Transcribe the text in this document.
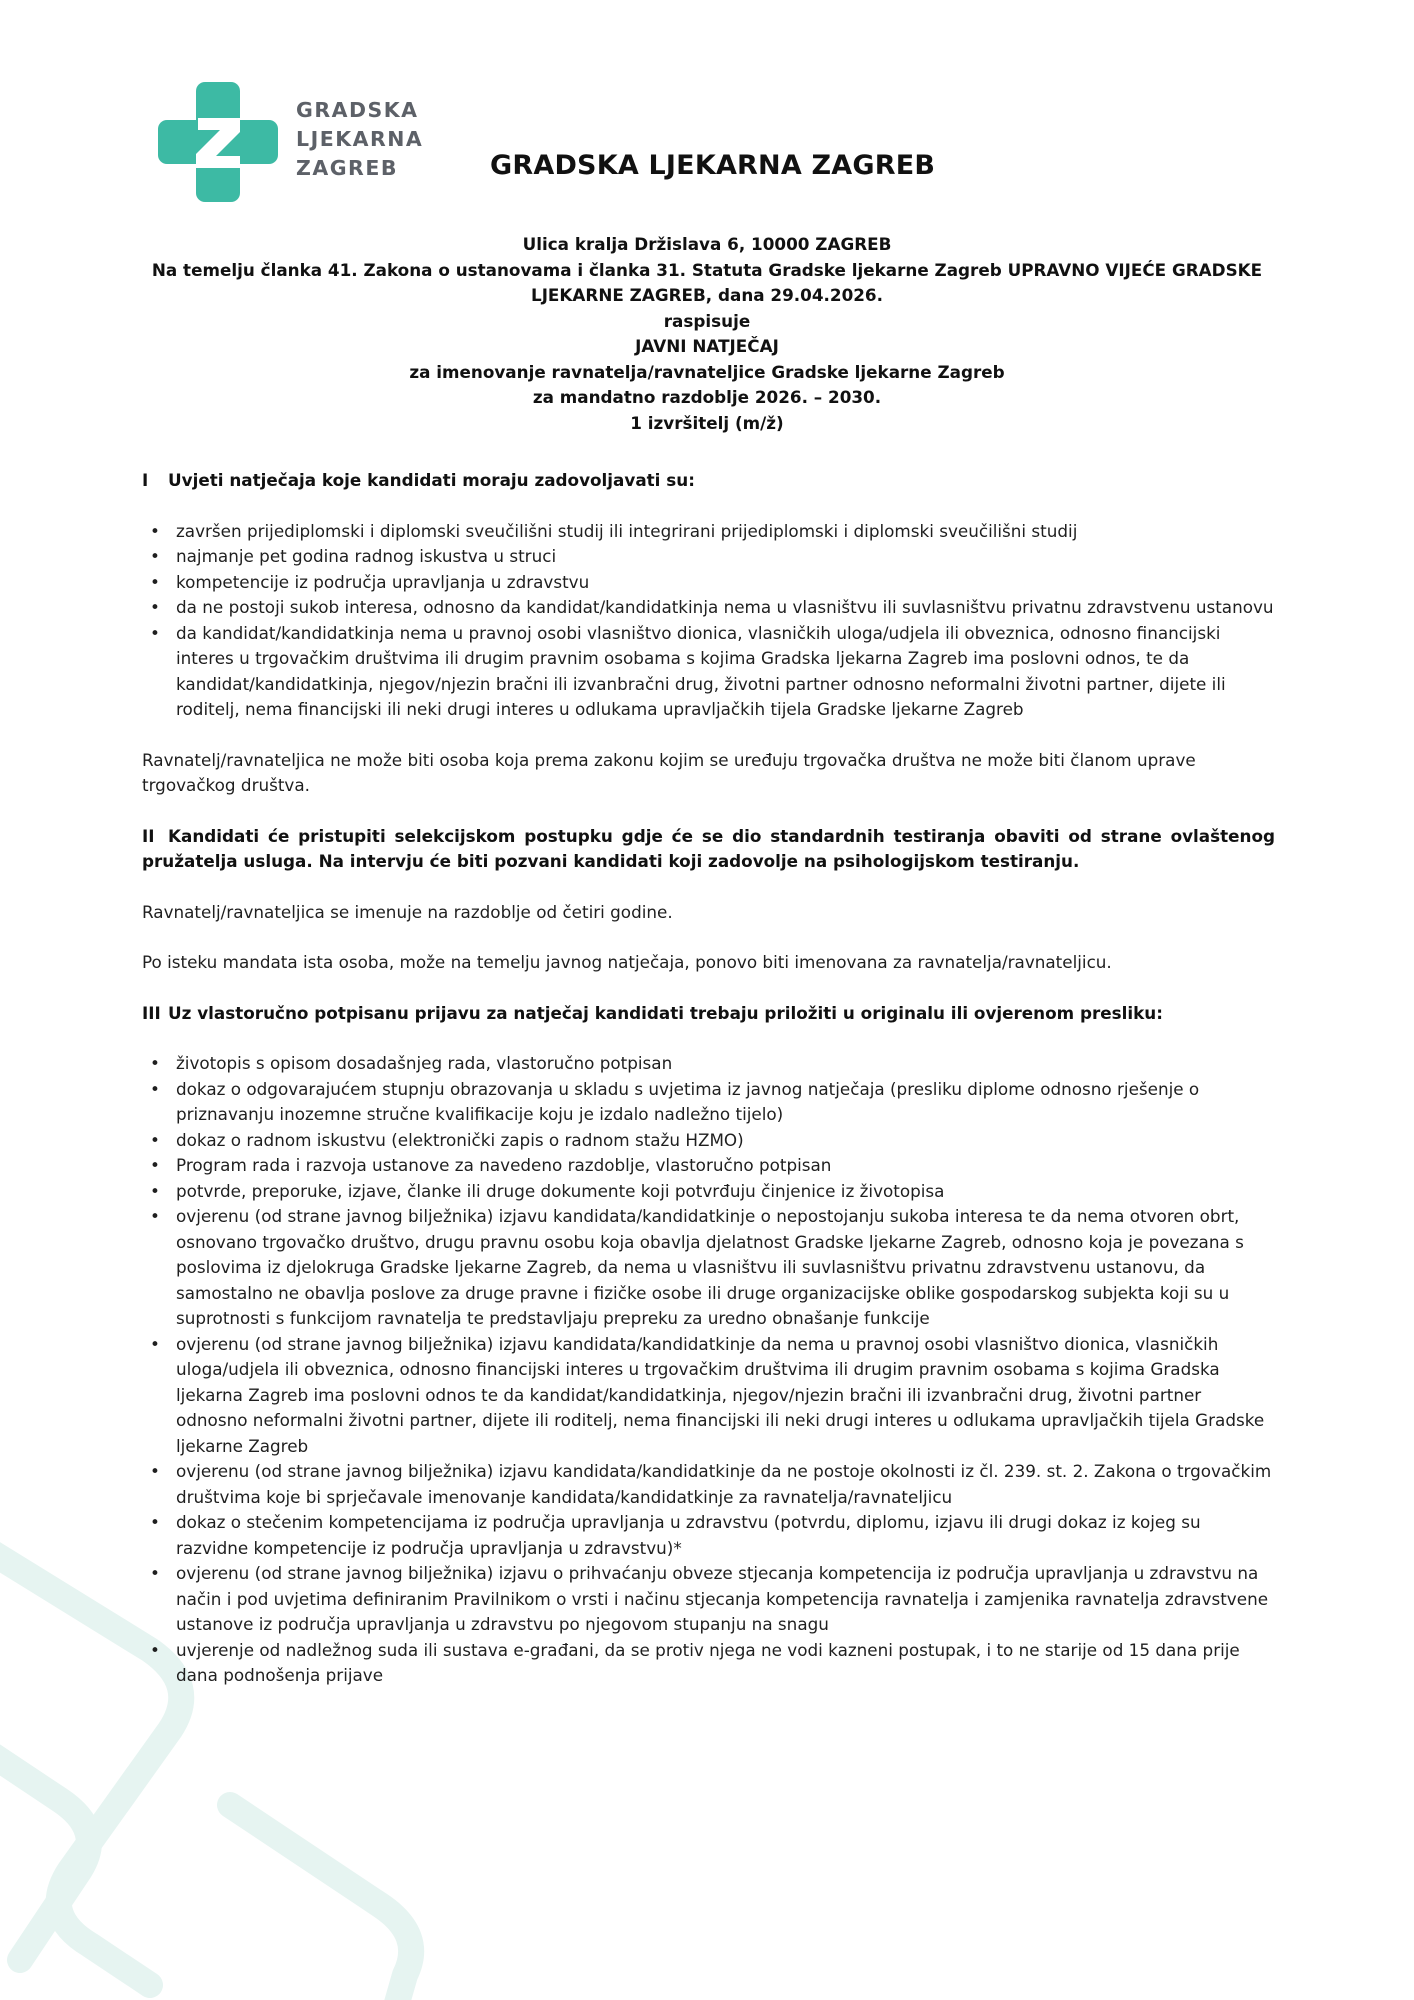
GRADSKA
LJEKARNA
ZAGREB	GRADSKA LJEKARNA ZAGREB
Ulica kralja Držislava 6, 10000 ZAGREB
Na temelju članka 41. Zakona o ustanovama i članka 31. Statuta Gradske ljekarne Zagreb UPRAVNO VIJEĆE GRADSKE
LJEKARNE ZAGREB, dana 29.04.2026.
raspisuje
JAVNI NATJEČAJ
za imenovanje ravnatelja/ravnateljice Gradske ljekarne Zagreb
za mandatno razdoblje 2026. – 2030.
1 izvršitelj (m/ž)

I Uvjeti natječaja koje kandidati moraju zadovoljavati su:

• završen prijediplomski i diplomski sveučilišni studij ili integrirani prijediplomski i diplomski sveučilišni studij
• najmanje pet godina radnog iskustva u struci
• kompetencije iz područja upravljanja u zdravstvu
• da ne postoji sukob interesa, odnosno da kandidat/kandidatkinja nema u vlasništvu ili suvlasništvu privatnu zdravstvenu ustanovu
• da kandidat/kandidatkinja nema u pravnoj osobi vlasništvo dionica, vlasničkih uloga/udjela ili obveznica, odnosno financijski interes u trgovačkim društvima ili drugim pravnim osobama s kojima Gradska ljekarna Zagreb ima poslovni odnos, te da kandidat/kandidatkinja, njegov/njezin bračni ili izvanbračni drug, životni partner odnosno neformalni životni partner, dijete ili roditelj, nema financijski ili neki drugi interes u odlukama upravljačkih tijela Gradske ljekarne Zagreb

Ravnatelj/ravnateljica ne može biti osoba koja prema zakonu kojim se uređuju trgovačka društva ne može biti članom uprave trgovačkog društva.

II Kandidati će pristupiti selekcijskom postupku gdje će se dio standardnih testiranja obaviti od strane ovlaštenog pružatelja usluga. Na intervju će biti pozvani kandidati koji zadovolje na psihologijskom testiranju.

Ravnatelj/ravnateljica se imenuje na razdoblje od četiri godine.

Po isteku mandata ista osoba, može na temelju javnog natječaja, ponovo biti imenovana za ravnatelja/ravnateljicu.

III Uz vlastoručno potpisanu prijavu za natječaj kandidati trebaju priložiti u originalu ili ovjerenom presliku:

• životopis s opisom dosadašnjeg rada, vlastoručno potpisan
• dokaz o odgovarajućem stupnju obrazovanja u skladu s uvjetima iz javnog natječaja (presliku diplome odnosno rješenje o priznavanju inozemne stručne kvalifikacije koju je izdalo nadležno tijelo)
• dokaz o radnom iskustvu (elektronički zapis o radnom stažu HZMO)
• Program rada i razvoja ustanove za navedeno razdoblje, vlastoručno potpisan
• potvrde, preporuke, izjave, članke ili druge dokumente koji potvrđuju činjenice iz životopisa
• ovjerenu (od strane javnog bilježnika) izjavu kandidata/kandidatkinje o nepostojanju sukoba interesa te da nema otvoren obrt, osnovano trgovačko društvo, drugu pravnu osobu koja obavlja djelatnost Gradske ljekarne Zagreb, odnosno koja je povezana s poslovima iz djelokruga Gradske ljekarne Zagreb, da nema u vlasništvu ili suvlasništvu privatnu zdravstvenu ustanovu, da samostalno ne obavlja poslove za druge pravne i fizičke osobe ili druge organizacijske oblike gospodarskog subjekta koji su u suprotnosti s funkcijom ravnatelja te predstavljaju prepreku za uredno obnašanje funkcije
• ovjerenu (od strane javnog bilježnika) izjavu kandidata/kandidatkinje da nema u pravnoj osobi vlasništvo dionica, vlasničkih uloga/udjela ili obveznica, odnosno financijski interes u trgovačkim društvima ili drugim pravnim osobama s kojima Gradska ljekarna Zagreb ima poslovni odnos te da kandidat/kandidatkinja, njegov/njezin bračni ili izvanbračni drug, životni partner odnosno neformalni životni partner, dijete ili roditelj, nema financijski ili neki drugi interes u odlukama upravljačkih tijela Gradske ljekarne Zagreb
• ovjerenu (od strane javnog bilježnika) izjavu kandidata/kandidatkinje da ne postoje okolnosti iz čl. 239. st. 2. Zakona o trgovačkim društvima koje bi sprječavale imenovanje kandidata/kandidatkinje za ravnatelja/ravnateljicu
• dokaz o stečenim kompetencijama iz područja upravljanja u zdravstvu (potvrdu, diplomu, izjavu ili drugi dokaz iz kojeg su razvidne kompetencije iz područja upravljanja u zdravstvu)*
• ovjerenu (od strane javnog bilježnika) izjavu o prihvaćanju obveze stjecanja kompetencija iz područja upravljanja u zdravstvu na način i pod uvjetima definiranim Pravilnikom o vrsti i načinu stjecanja kompetencija ravnatelja i zamjenika ravnatelja zdravstvene ustanove iz područja upravljanja u zdravstvu po njegovom stupanju na snagu
• uvjerenje od nadležnog suda ili sustava e-građani, da se protiv njega ne vodi kazneni postupak, i to ne starije od 15 dana prije dana podnošenja prijave
